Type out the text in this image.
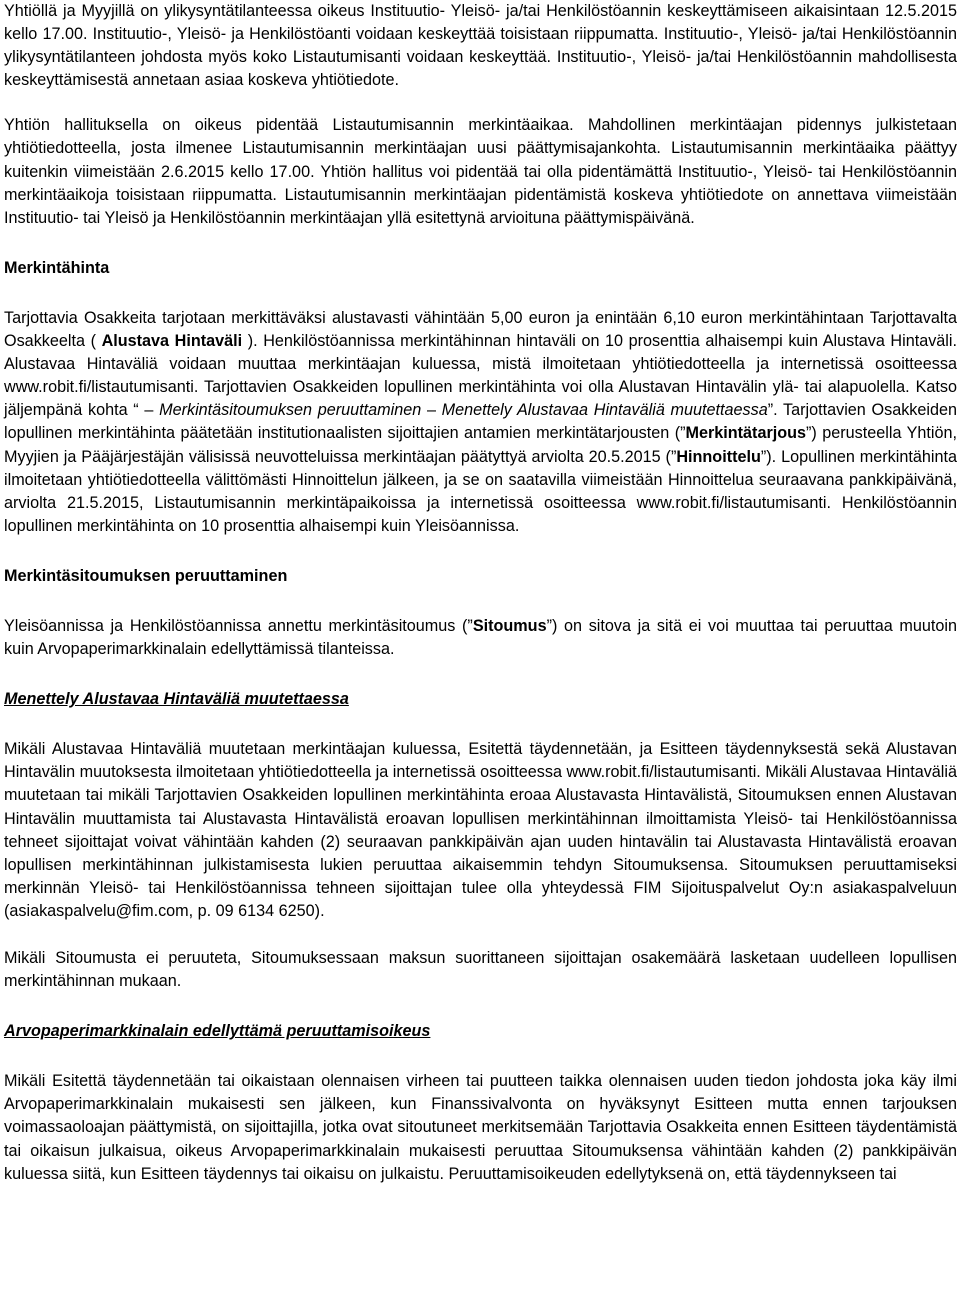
Yhtiöllä ja Myyjillä on ylikysyntätilanteessa oikeus Instituutio- Yleisö- ja/tai Henkilöstöannin keskeyttämiseen aikaisintaan 12.5.2015 kello 17.00. Instituutio-, Yleisö- ja Henkilöstöanti voidaan keskeyttää toisistaan riippumatta. Instituutio-, Yleisö- ja/tai Henkilöstöannin ylikysyntätilanteen johdosta myös koko Listautumisanti voidaan keskeyttää. Instituutio-, Yleisö- ja/tai Henkilöstöannin mahdollisesta keskeyttämisestä annetaan asiaa koskeva yhtiötiedote.

Yhtiön hallituksella on oikeus pidentää Listautumisannin merkintäaikaa. Mahdollinen merkintäajan pidennys julkistetaan yhtiötiedotteella, josta ilmenee Listautumisannin merkintäajan uusi päättymisajankohta. Listautumisannin merkintäaika päättyy kuitenkin viimeistään 2.6.2015 kello 17.00. Yhtiön hallitus voi pidentää tai olla pidentämättä Instituutio-, Yleisö- tai Henkilöstöannin merkintäaikoja toisistaan riippumatta. Listautumisannin merkintäajan pidentämistä koskeva yhtiötiedote on annettava viimeistään Instituutio- tai Yleisö ja Henkilöstöannin merkintäajan yllä esitettynä arvioituna päättymispäivänä.

Merkintähinta

Tarjottavia Osakkeita tarjotaan merkittäväksi alustavasti vähintään 5,00 euron ja enintään 6,10 euron merkintähintaan Tarjottavalta Osakkeelta ( Alustava Hintaväli ). Henkilöstöannissa merkintähinnan hintaväli on 10 prosenttia alhaisempi kuin Alustava Hintaväli. Alustavaa Hintaväliä voidaan muuttaa merkintäajan kuluessa, mistä ilmoitetaan yhtiötiedotteella ja internetissä osoitteessa www.robit.fi/listautumisanti. Tarjottavien Osakkeiden lopullinen merkintähinta voi olla Alustavan Hintavälin ylä- tai alapuolella. Katso jäljempänä kohta “ – Merkintäsitoumuksen peruuttaminen – Menettely Alustavaa Hintaväliä muutettaessa”. Tarjottavien Osakkeiden lopullinen merkintähinta päätetään institutionaalisten sijoittajien antamien merkintätarjousten (”Merkintätarjous”) perusteella Yhtiön, Myyjien ja Pääjärjestäjän välisissä neuvotteluissa merkintäajan päätyttyä arviolta 20.5.2015 (”Hinnoittelu”). Lopullinen merkintähinta ilmoitetaan yhtiötiedotteella välittömästi Hinnoittelun jälkeen, ja se on saatavilla viimeistään Hinnoittelua seuraavana pankkipäivänä, arviolta 21.5.2015, Listautumisannin merkintäpaikoissa ja internetissä osoitteessa www.robit.fi/listautumisanti. Henkilöstöannin lopullinen merkintähinta on 10 prosenttia alhaisempi kuin Yleisöannissa.

Merkintäsitoumuksen peruuttaminen

Yleisöannissa ja Henkilöstöannissa annettu merkintäsitoumus (”Sitoumus”) on sitova ja sitä ei voi muuttaa tai peruuttaa muutoin kuin Arvopaperimarkkinalain edellyttämissä tilanteissa.

Menettely Alustavaa Hintaväliä muutettaessa

Mikäli Alustavaa Hintaväliä muutetaan merkintäajan kuluessa, Esitettä täydennetään, ja Esitteen täydennyksestä sekä Alustavan Hintavälin muutoksesta ilmoitetaan yhtiötiedotteella ja internetissä osoitteessa www.robit.fi/listautumisanti. Mikäli Alustavaa Hintaväliä muutetaan tai mikäli Tarjottavien Osakkeiden lopullinen merkintähinta eroaa Alustavasta Hintavälistä, Sitoumuksen ennen Alustavan Hintavälin muuttamista tai Alustavasta Hintavälistä eroavan lopullisen merkintähinnan ilmoittamista Yleisö- tai Henkilöstöannissa tehneet sijoittajat voivat vähintään kahden (2) seuraavan pankkipäivän ajan uuden hintavälin tai Alustavasta Hintavälistä eroavan lopullisen merkintähinnan julkistamisesta lukien peruuttaa aikaisemmin tehdyn Sitoumuksensa. Sitoumuksen peruuttamiseksi merkinnän Yleisö- tai Henkilöstöannissa tehneen sijoittajan tulee olla yhteydessä FIM Sijoituspalvelut Oy:n asiakaspalveluun (asiakaspalvelu@fim.com, p. 09 6134 6250).

Mikäli Sitoumusta ei peruuteta, Sitoumuksessaan maksun suorittaneen sijoittajan osakemäärä lasketaan uudelleen lopullisen merkintähinnan mukaan.

Arvopaperimarkkinalain edellyttämä peruuttamisoikeus

Mikäli Esitettä täydennetään tai oikaistaan olennaisen virheen tai puutteen taikka olennaisen uuden tiedon johdosta joka käy ilmi Arvopaperimarkkinalain mukaisesti sen jälkeen, kun Finanssivalvonta on hyväksynyt Esitteen mutta ennen tarjouksen voimassaoloajan päättymistä, on sijoittajilla, jotka ovat sitoutuneet merkitsemään Tarjottavia Osakkeita ennen Esitteen täydentämistä tai oikaisun julkaisua, oikeus Arvopaperimarkkinalain mukaisesti peruuttaa Sitoumuksensa vähintään kahden (2) pankkipäivän kuluessa siitä, kun Esitteen täydennys tai oikaisu on julkaistu. Peruuttamisoikeuden edellytyksenä on, että täydennykseen tai
